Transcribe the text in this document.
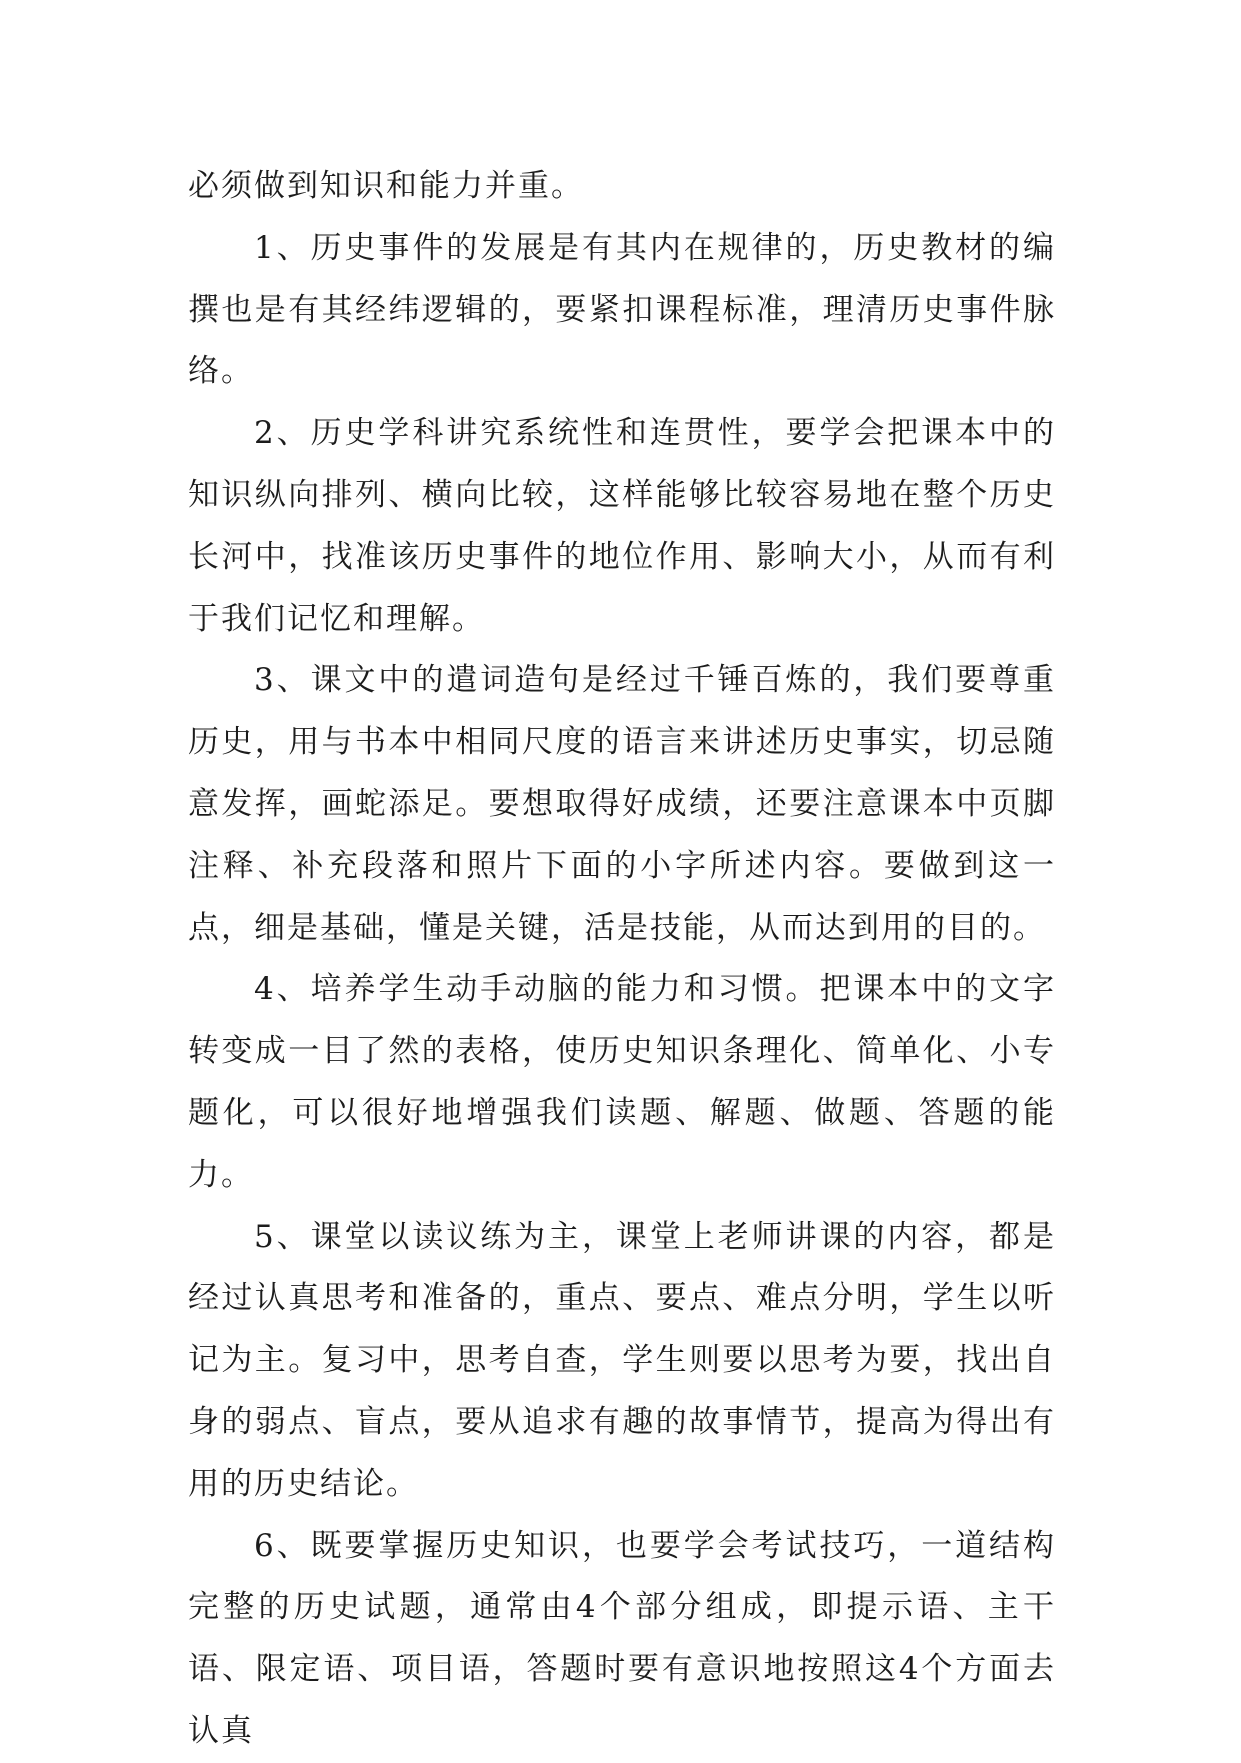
必须做到知识和能力并重。

1、历史事件的发展是有其内在规律的，历史教材的编撰也是有其经纬逻辑的，要紧扣课程标准，理清历史事件脉络。

2、历史学科讲究系统性和连贯性，要学会把课本中的知识纵向排列、横向比较，这样能够比较容易地在整个历史长河中，找准该历史事件的地位作用、影响大小，从而有利于我们记忆和理解。

3、课文中的遣词造句是经过千锤百炼的，我们要尊重历史，用与书本中相同尺度的语言来讲述历史事实，切忌随意发挥，画蛇添足。要想取得好成绩，还要注意课本中页脚注释、补充段落和照片下面的小字所述内容。要做到这一点，细是基础，懂是关键，活是技能，从而达到用的目的。

4、培养学生动手动脑的能力和习惯。把课本中的文字转变成一目了然的表格，使历史知识条理化、简单化、小专题化，可以很好地增强我们读题、解题、做题、答题的能力。

5、课堂以读议练为主，课堂上老师讲课的内容，都是经过认真思考和准备的，重点、要点、难点分明，学生以听记为主。复习中，思考自查，学生则要以思考为要，找出自身的弱点、盲点，要从追求有趣的故事情节，提高为得出有用的历史结论。

6、既要掌握历史知识，也要学会考试技巧，一道结构完整的历史试题，通常由4个部分组成，即提示语、主干语、限定语、项目语，答题时要有意识地按照这4个方面去认真
